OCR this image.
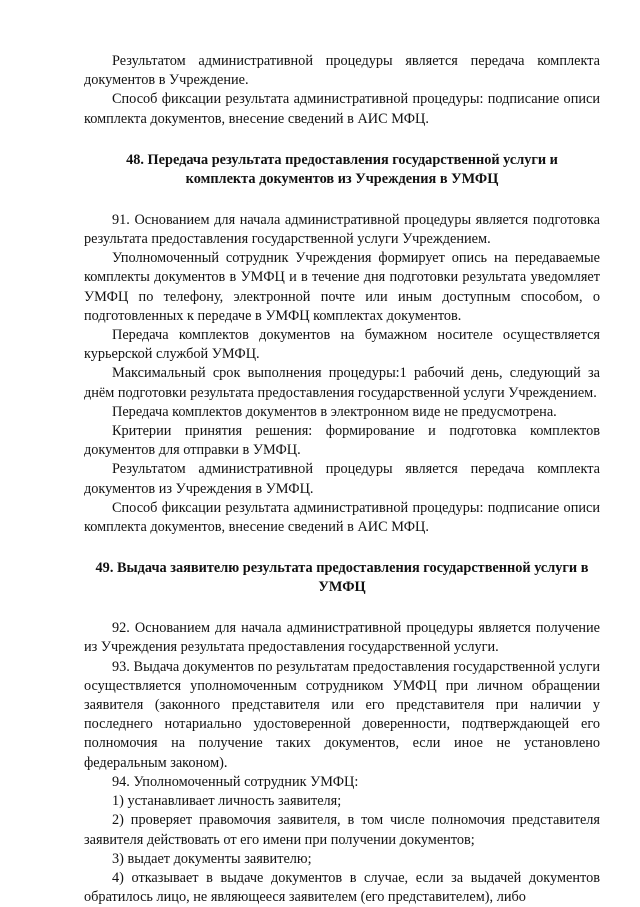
Результатом административной процедуры является передача комплекта документов в Учреждение.

Способ фиксации результата административной процедуры: подписание описи комплекта документов, внесение сведений в АИС МФЦ.

48. Передача результата предоставления государственной услуги и комплекта документов из Учреждения в УМФЦ

91. Основанием для начала административной процедуры является подготовка результата предоставления государственной услуги Учреждением.

Уполномоченный сотрудник Учреждения формирует опись на передаваемые комплекты документов в УМФЦ и в течение дня подготовки результата уведомляет УМФЦ по телефону, электронной почте или иным доступным способом, о подготовленных к передаче в УМФЦ комплектах документов.

Передача комплектов документов на бумажном носителе осуществляется курьерской службой УМФЦ.

Максимальный срок выполнения процедуры:1 рабочий день, следующий за днём подготовки результата предоставления государственной услуги Учреждением.

Передача комплектов документов в электронном виде не предусмотрена.

Критерии принятия решения: формирование и подготовка комплектов документов для отправки в УМФЦ.

Результатом административной процедуры является передача комплекта документов из Учреждения в УМФЦ.

Способ фиксации результата административной процедуры: подписание описи комплекта документов, внесение сведений в АИС МФЦ.

49. Выдача заявителю результата предоставления государственной услуги в УМФЦ

92. Основанием для начала административной процедуры является получение из Учреждения результата предоставления государственной услуги.

93. Выдача документов по результатам предоставления государственной услуги осуществляется уполномоченным сотрудником УМФЦ при личном обращении заявителя (законного представителя или его представителя при наличии у последнего нотариально удостоверенной доверенности, подтверждающей его полномочия на получение таких документов, если иное не установлено федеральным законом).

94. Уполномоченный сотрудник УМФЦ:

1) устанавливает личность заявителя;

2) проверяет правомочия заявителя, в том числе полномочия представителя заявителя действовать от его имени при получении документов;

3) выдает документы заявителю;

4) отказывает в выдаче документов в случае, если за выдачей документов обратилось лицо, не являющееся заявителем (его представителем), либо
